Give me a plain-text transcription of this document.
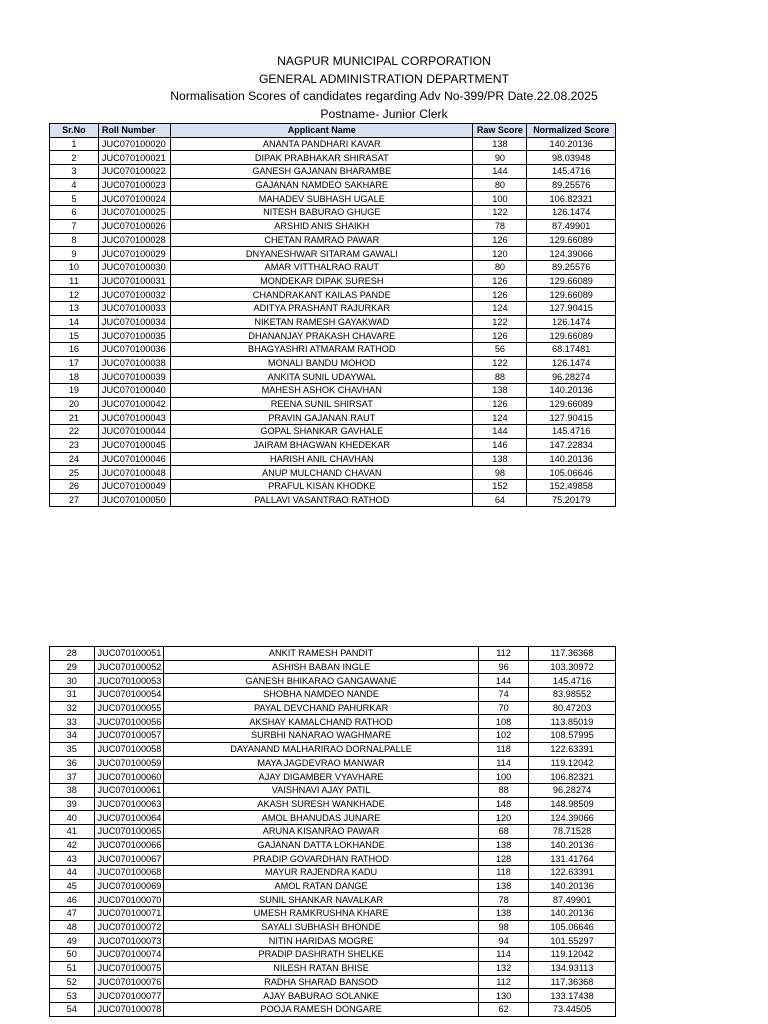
NAGPUR MUNICIPAL CORPORATION
GENERAL ADMINISTRATION DEPARTMENT
Normalisation Scores of candidates regarding Adv No-399/PR Date.22.08.2025
Postname- Junior Clerk
Sr.No	Roll Number	Applicant Name	Raw Score	Normalized Score
1	JUC070100020	ANANTA PANDHARI KAVAR	138	140.20136
2	JUC070100021	DIPAK PRABHAKAR SHIRASAT	90	98.03948
3	JUC070100022	GANESH GAJANAN BHARAMBE	144	145.4716
4	JUC070100023	GAJANAN NAMDEO SAKHARE	80	89.25576
5	JUC070100024	MAHADEV SUBHASH UGALE	100	106.82321
6	JUC070100025	NITESH BABURAO GHUGE	122	126.1474
7	JUC070100026	ARSHID ANIS SHAIKH	78	87.49901
8	JUC070100028	CHETAN RAMRAO PAWAR	126	129.66089
9	JUC070100029	DNYANESHWAR SITARAM GAWALI	120	124.39066
10	JUC070100030	AMAR VITTHALRAO RAUT	80	89.25576
11	JUC070100031	MONDEKAR DIPAK SURESH	126	129.66089
12	JUC070100032	CHANDRAKANT KAILAS PANDE	126	129.66089
13	JUC070100033	ADITYA PRASHANT RAJURKAR	124	127.90415
14	JUC070100034	NIKETAN RAMESH GAYAKWAD	122	126.1474
15	JUC070100035	DHANANJAY PRAKASH CHAVARE	126	129.66089
16	JUC070100036	BHAGYASHRI ATMARAM RATHOD	56	68.17481
17	JUC070100038	MONALI BANDU MOHOD	122	126.1474
18	JUC070100039	ANKITA SUNIL UDAYWAL	88	96.28274
19	JUC070100040	MAHESH ASHOK CHAVHAN	138	140.20136
20	JUC070100042	REENA SUNIL SHIRSAT	126	129.66089
21	JUC070100043	PRAVIN GAJANAN RAUT	124	127.90415
22	JUC070100044	GOPAL SHANKAR GAVHALE	144	145.4716
23	JUC070100045	JAIRAM BHAGWAN KHEDEKAR	146	147.22834
24	JUC070100046	HARISH ANIL CHAVHAN	138	140.20136
25	JUC070100048	ANUP MULCHAND CHAVAN	98	105.06646
26	JUC070100049	PRAFUL KISAN KHODKE	152	152.49858
27	JUC070100050	PALLAVI VASANTRAO RATHOD	64	75.20179
28	JUC070100051	ANKIT RAMESH PANDIT	112	117.36368
29	JUC070100052	ASHISH BABAN INGLE	96	103.30972
30	JUC070100053	GANESH BHIKARAO GANGAWANE	144	145.4716
31	JUC070100054	SHOBHA NAMDEO NANDE	74	83.98552
32	JUC070100055	PAYAL DEVCHAND PAHURKAR	70	80.47203
33	JUC070100056	AKSHAY KAMALCHAND RATHOD	108	113.85019
34	JUC070100057	SURBHI NANARAO WAGHMARE	102	108.57995
35	JUC070100058	DAYANAND MALHARIRAO DORNALPALLE	118	122.63391
36	JUC070100059	MAYA JAGDEVRAO MANWAR	114	119.12042
37	JUC070100060	AJAY DIGAMBER VYAVHARE	100	106.82321
38	JUC070100061	VAISHNAVI AJAY PATIL	88	96.28274
39	JUC070100063	AKASH SURESH WANKHADE	148	148.98509
40	JUC070100064	AMOL BHANUDAS JUNARE	120	124.39066
41	JUC070100065	ARUNA KISANRAO PAWAR	68	78.71528
42	JUC070100066	GAJANAN DATTA LOKHANDE	138	140.20136
43	JUC070100067	PRADIP GOVARDHAN RATHOD	128	131.41764
44	JUC070100068	MAYUR RAJENDRA KADU	118	122.63391
45	JUC070100069	AMOL RATAN DANGE	138	140.20136
46	JUC070100070	SUNIL SHANKAR NAVALKAR	78	87.49901
47	JUC070100071	UMESH RAMKRUSHNA KHARE	138	140.20136
48	JUC070100072	SAYALI SUBHASH BHONDE	98	105.06646
49	JUC070100073	NITIN HARIDAS MOGRE	94	101.55297
50	JUC070100074	PRADIP DASHRATH SHELKE	114	119.12042
51	JUC070100075	NILESH RATAN BHISE	132	134.93113
52	JUC070100076	RADHA SHARAD BANSOD	112	117.36368
53	JUC070100077	AJAY BABURAO SOLANKE	130	133.17438
54	JUC070100078	POOJA RAMESH DONGARE	62	73.44505
